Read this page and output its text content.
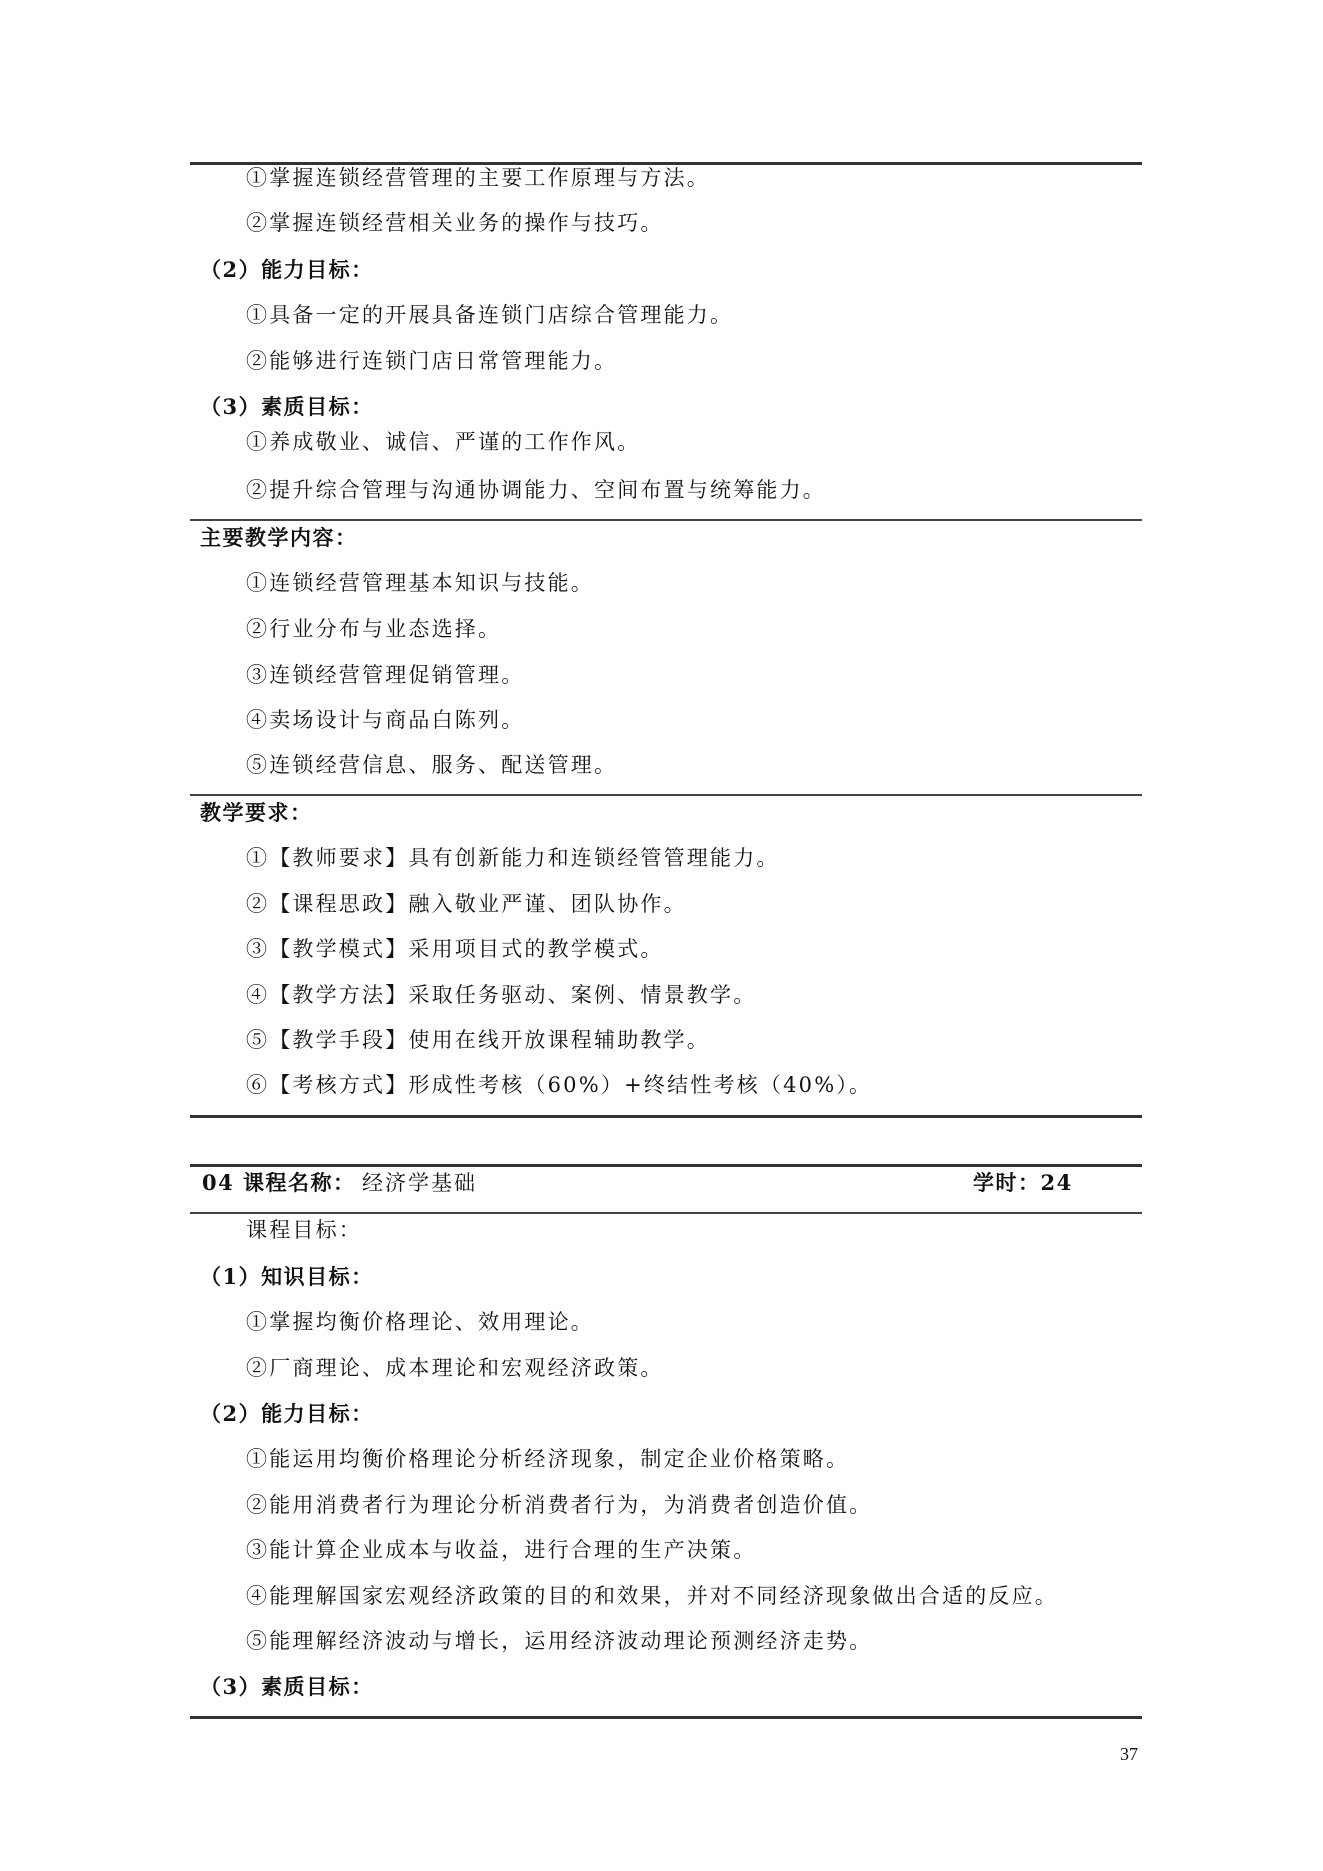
①掌握连锁经营管理的主要工作原理与方法。
②掌握连锁经营相关业务的操作与技巧。
（2）能力目标：
①具备一定的开展具备连锁门店综合管理能力。
②能够进行连锁门店日常管理能力。
（3）素质目标：
①养成敬业、诚信、严谨的工作作风。
②提升综合管理与沟通协调能力、空间布置与统筹能力。
主要教学内容：
①连锁经营管理基本知识与技能。
②行业分布与业态选择。
③连锁经营管理促销管理。
④卖场设计与商品白陈列。
⑤连锁经营信息、服务、配送管理。
教学要求：
①【教师要求】具有创新能力和连锁经管管理能力。
②【课程思政】融入敬业严谨、团队协作。
③【教学模式】采用项目式的教学模式。
④【教学方法】采取任务驱动、案例、情景教学。
⑤【教学手段】使用在线开放课程辅助教学。
⑥【考核方式】形成性考核（60%）+终结性考核（40%）。
04 课程名称： 经济学基础	学时：24
课程目标：
（1）知识目标：
①掌握均衡价格理论、效用理论。
②厂商理论、成本理论和宏观经济政策。
（2）能力目标：
①能运用均衡价格理论分析经济现象，制定企业价格策略。
②能用消费者行为理论分析消费者行为，为消费者创造价值。
③能计算企业成本与收益，进行合理的生产决策。
④能理解国家宏观经济政策的目的和效果，并对不同经济现象做出合适的反应。
⑤能理解经济波动与增长，运用经济波动理论预测经济走势。
（3）素质目标：
37
